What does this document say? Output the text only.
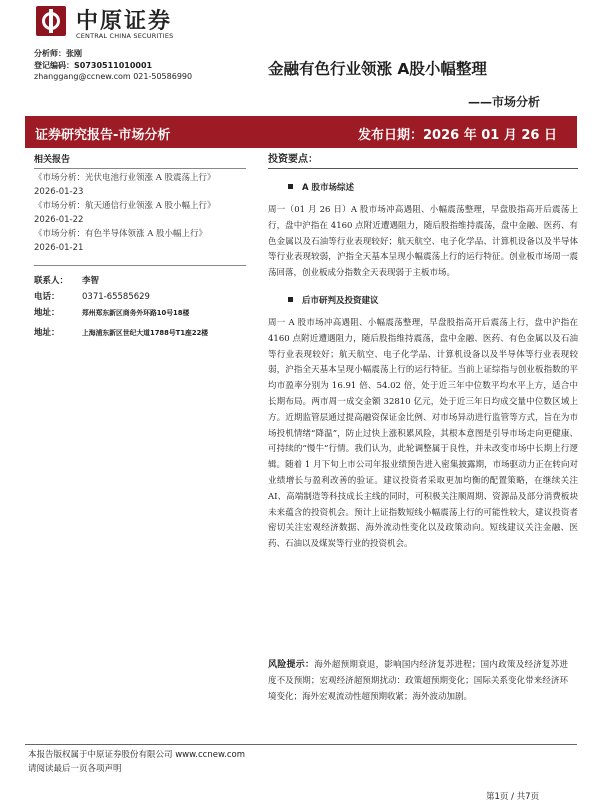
中原证券
CENTRAL CHINA SECURITIES
分析师：张刚
登记编码：S0730511010001
zhanggang@ccnew.com 021-50586990	金融有色行业领涨 A股小幅整理
——市场分析
证券研究报告-市场分析	发布日期：2026 年 01 月 26 日
相关报告
《市场分析：光伏电池行业领涨 A 股震荡上行》
2026-01-23
《市场分析：航天通信行业领涨 A 股小幅上行》
2026-01-22
《市场分析：有色半导体领涨 A 股小幅上行》
2026-01-21
联系人： 李智
电话：	0371-65585629
地址：	郑州郑东新区商务外环路10号18楼
地址：	上海浦东新区世纪大道1788号T1座22楼
投资要点：
A 股市场综述

周一（01 月 26 日）A 股市场冲高遇阻、小幅震荡整理，早盘股指高开后震荡上行，盘中沪指在 4160 点附近遭遇阻力，随后股指维持震荡，盘中金融、医药、有色金属以及石油等行业表现较好；航天航空、电子化学品、计算机设备以及半导体等行业表现较弱，沪指全天基本呈现小幅震荡上行的运行特征。创业板市场周一震荡回落，创业板成分指数全天表现弱于主板市场。

后市研判及投资建议

周一 A 股市场冲高遇阻、小幅震荡整理，早盘股指高开后震荡上行，盘中沪指在 4160 点附近遭遇阻力，随后股指维持震荡，盘中金融、医药、有色金属以及石油等行业表现较好；航天航空、电子化学品、计算机设备以及半导体等行业表现较弱，沪指全天基本呈现小幅震荡上行的运行特征。当前上证综指与创业板指数的平均市盈率分别为 16.91 倍、54.02 倍，处于近三年中位数平均水平上方，适合中长期布局。两市周一成交金额 32810 亿元，处于近三年日均成交量中位数区域上方。近期监管层通过提高融资保证金比例、对市场异动进行监管等方式，旨在为市场投机情绪“降温”，防止过快上涨积累风险，其根本意图是引导市场走向更健康、可持续的“慢牛”行情。我们认为，此轮调整属于良性，并未改变市场中长期上行逻辑。随着 1 月下旬上市公司年报业绩预告进入密集披露期，市场驱动力正在转向对业绩增长与盈利改善的验证。建议投资者采取更加均衡的配置策略，在继续关注 AI、高端制造等科技成长主线的同时，可积极关注顺周期、资源品及部分消费板块未来蕴含的投资机会。预计上证指数短线小幅震荡上行的可能性较大，建议投资者密切关注宏观经济数据、海外流动性变化以及政策动向。短线建议关注金融、医药、石油以及煤炭等行业的投资机会。

风险提示：海外超预期衰退，影响国内经济复苏进程；国内政策及经济复苏进度不及预期；宏观经济超预期扰动：政策超预期变化；国际关系变化带来经济环境变化；海外宏观流动性超预期收紧；海外波动加剧。
本报告版权属于中原证券股份有限公司 www.ccnew.com
请阅读最后一页各项声明
第1页 / 共7页
